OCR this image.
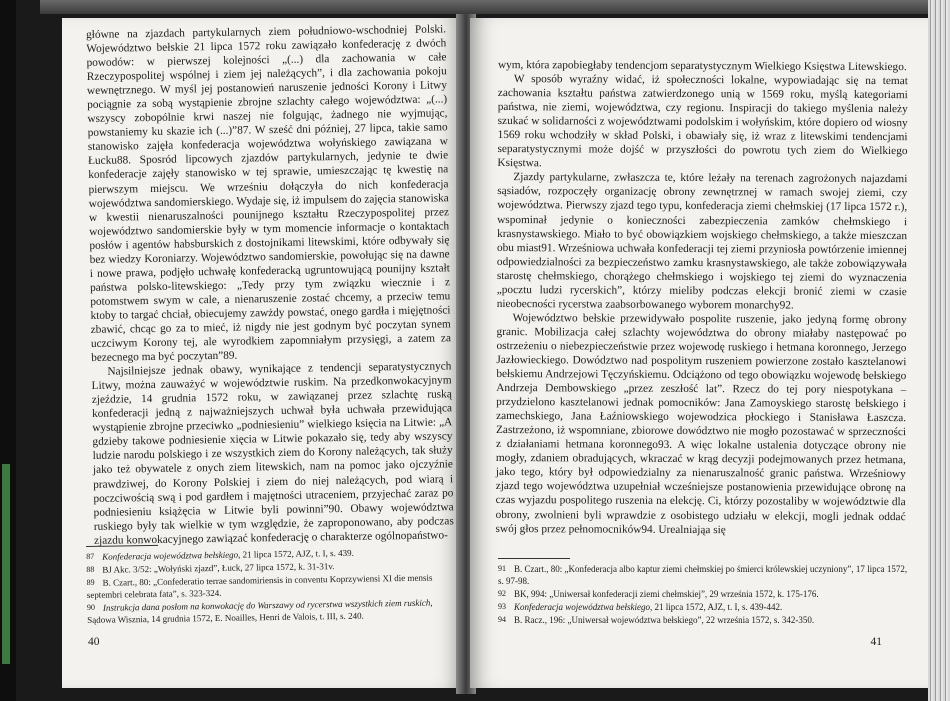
główne na zjazdach partykularnych ziem południowo-wschodniej Polski. Województwo bełskie 21 lipca 1572 roku zawiązało konfederację z dwóch powodów: w pierwszej kolejności „(...) dla zachowania w całe Rzeczypospolitej wspólnej i ziem jej należących”, i dla zachowania pokoju wewnętrznego. W myśl jej postanowień naruszenie jedności Korony i Litwy pociągnie za sobą wystąpienie zbrojne szlachty całego województwa: „(...) wszyscy zobopólnie krwi naszej nie folgując, żadnego nie wyjmując, powstaniemy ku skazie ich (...)”87. W sześć dni później, 27 lipca, takie samo stanowisko zajęła konfederacja województwa wołyńskiego zawiązana w Łucku88. Sposród lipcowych zjazdów partykularnych, jedynie te dwie konfederacje zajęły stanowisko w tej sprawie, umieszczając tę kwestię na pierwszym miejscu. We wrześniu dołączyła do nich konfederacja województwa sandomierskiego. Wydaje się, iż impulsem do zajęcia stanowiska w kwestii nienaruszalności pounijnego kształtu Rzeczypospolitej przez województwo sandomierskie były w tym momencie informacje o kontaktach posłów i agentów habsburskich z dostojnikami litewskimi, które odbywały się bez wiedzy Koroniarzy. Województwo sandomierskie, powołując się na dawne i nowe prawa, podjęło uchwałę konfederacką ugruntowującą pounijny kształt państwa polsko-litewskiego: „Tedy przy tym związku wiecznie i z potomstwem swym w cale, a nienaruszenie zostać chcemy, a przeciw temu ktoby to targać chciał, obiecujemy zawżdy powstać, onego gardła i mięjętności zbawić, chcąc go za to mieć, iż nigdy nie jest godnym być poczytan synem uczciwym Korony tej, ale wyrodkiem zapomniałym przysięgi, a zatem za bezecnego ma być poczytan”89.

Najsilniejsze jednak obawy, wynikające z tendencji separatystycznych Litwy, można zauważyć w województwie ruskim. Na przedkonwokacyjnym zjeździe, 14 grudnia 1572 roku, w zawiązanej przez szlachtę ruską konfederacji jedną z najważniejszych uchwał była uchwała przewidująca wystąpienie zbrojne przeciwko „podniesieniu” wielkiego księcia na Litwie: „A gdzieby takowe podniesienie xięcia w Litwie pokazało się, tedy aby wszyscy ludzie narodu polskiego i ze wszystkich ziem do Korony należących, tak służy jako też obywatele z onych ziem litewskich, nam na pomoc jako ojczyźnie prawdziwej, do Korony Polskiej i ziem do niej należących, pod wiarą i poczciwością swą i pod gardłem i majętności utraceniem, przyjechać zaraz po podniesieniu książęcia w Litwie byli powinni”90. Obawy województwa ruskiego były tak wielkie w tym względzie, że zaproponowano, aby podczas zjazdu konwokacyjnego zawiązać konfederację o charakterze ogólnopaństwo-

87 Konfederacja województwa bełskiego, 21 lipca 1572, AJZ, t. I, s. 439.
88 BJ Akc. 3/52: „Wołyński zjazd”, Łuck, 27 lipca 1572, k. 31-31v.
89 B. Czart., 80: „Confederatio terrae sandomiriensis in conventu Koprzywiensi XI die mensis septembri celebrata fata”, s. 323-324.
90 Instrukcja dana posłom na konwokację do Warszawy od rycerstwa wszystkich ziem ruskich, Sądowa Wisznia, 14 grudnia 1572, E. Noailles, Henri de Valois, t. III, s. 240.
40

wym, która zapobiegłaby tendencjom separatystycznym Wielkiego Księstwa Litewskiego.

W sposób wyraźny widać, iż społeczności lokalne, wypowiadając się na temat zachowania kształtu państwa zatwierdzonego unią w 1569 roku, myślą kategoriami państwa, nie ziemi, województwa, czy regionu. Inspiracji do takiego myślenia należy szukać w solidarności z województwami podolskim i wołyńskim, które dopiero od wiosny 1569 roku wchodziły w skład Polski, i obawiały się, iż wraz z litewskimi tendencjami separatystycznymi może dojść w przyszłości do powrotu tych ziem do Wielkiego Księstwa.

Zjazdy partykularne, zwłaszcza te, które leżały na terenach zagrożonych najazdami sąsiadów, rozpoczęły organizację obrony zewnętrznej w ramach swojej ziemi, czy województwa. Pierwszy zjazd tego typu, konfederacja ziemi chełmskiej (17 lipca 1572 r.), wspominał jedynie o konieczności zabezpieczenia zamków chełmskiego i krasnystawskiego. Miało to być obowiązkiem wojskiego chełmskiego, a także mieszczan obu miast91. Wrześniowa uchwała konfederacji tej ziemi przyniosła powtórzenie imiennej odpowiedzialności za bezpieczeństwo zamku krasnystawskiego, ale także zobowiązywała starostę chełmskiego, chorążego chełmskiego i wojskiego tej ziemi do wyznaczenia „pocztu ludzi rycerskich”, którzy mieliby podczas elekcji bronić ziemi w czasie nieobecności rycerstwa zaabsorbowanego wyborem monarchy92.

Województwo bełskie przewidywało pospolite ruszenie, jako jedyną formę obrony granic. Mobilizacja całej szlachty województwa do obrony miałaby następować po ostrzeżeniu o niebezpieczeństwie przez wojewodę ruskiego i hetmana koronnego, Jerzego Jazłowieckiego. Dowództwo nad pospolitym ruszeniem powierzone zostało kasztelanowi bełskiemu Andrzejowi Tęczyńskiemu. Odciążono od tego obowiązku wojewodę bełskiego Andrzeja Dembowskiego „przez zeszłość lat”. Rzecz do tej pory niespotykana – przydzielono kasztelanowi jednak pomocników: Jana Zamoyskiego starostę bełskiego i zamechskiego, Jana Łaźniowskiego wojewodzica płockiego i Stanisława Łaszcza. Zastrzeżono, iż wspomniane, zbiorowe dowództwo nie mogło pozostawać w sprzeczności z działaniami hetmana koronnego93. A więc lokalne ustalenia dotyczące obrony nie mogły, zdaniem obradujących, wkraczać w krąg decyzji podejmowanych przez hetmana, jako tego, który był odpowiedzialny za nienaruszalność granic państwa. Wrześniowy zjazd tego województwa uzupełniał wcześniejsze postanowienia przewidujące obronę na czas wyjazdu pospolitego ruszenia na elekcję. Ci, którzy pozostaliby w województwie dla obrony, zwolnieni byli wprawdzie z osobistego udziału w elekcji, mogli jednak oddać swój głos przez pełnomocników94. Urealniająa się

91 B. Czart., 80: „Konfederacja albo kaptur ziemi chełmskiej po śmierci królewskiej uczyniony”, 17 lipca 1572, s. 97-98.
92 BK, 994: „Uniwersał konfederacji ziemi chełmskiej”, 29 września 1572, k. 175-176.
93 Konfederacja województwa bełskiego, 21 lipca 1572, AJZ, t. I, s. 439-442.
94 B. Racz., 196: „Uniwersał województwa bełskiego”, 22 września 1572, s. 342-350.
41
